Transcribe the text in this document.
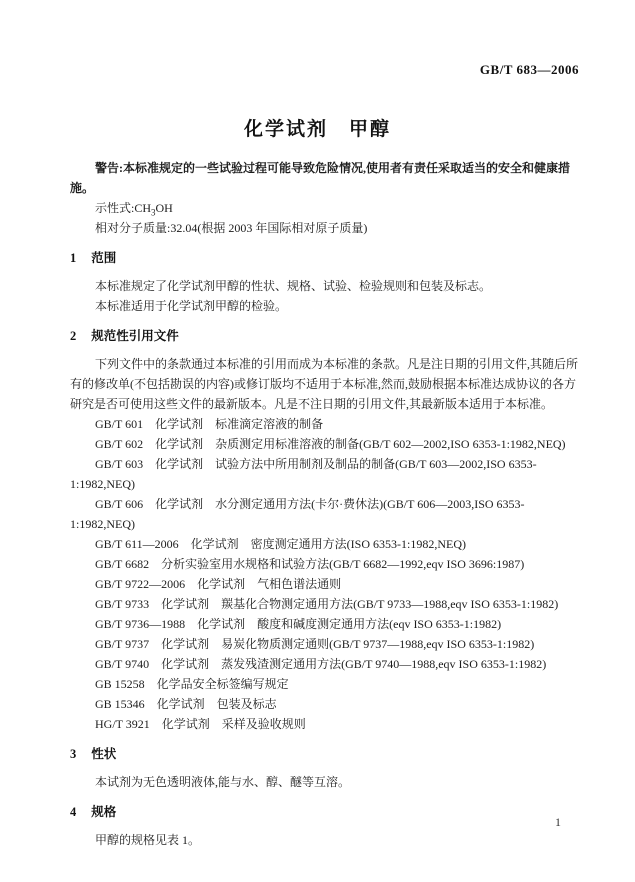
GB/T 683—2006
化学试剂　甲醇

警告:本标准规定的一些试验过程可能导致危险情况,使用者有责任采取适当的安全和健康措施。

示性式$:CH_3OH$

相对分子质量:32.04(根据 2003 年国际相对原子质量)

1 范围

本标准规定了化学试剂甲醇的性状、规格、试验、检验规则和包装及标志。

本标准适用于化学试剂甲醇的检验。

2 规范性引用文件

下列文件中的条款通过本标准的引用而成为本标准的条款。凡是注日期的引用文件,其随后所有的修改单(不包括勘误的内容)或修订版均不适用于本标准,然而,鼓励根据本标准达成协议的各方研究是否可使用这些文件的最新版本。凡是不注日期的引用文件,其最新版本适用于本标准。

GB/T 601　化学试剂　标准滴定溶液的制备

GB/T 602　化学试剂　杂质测定用标准溶液的制备(GB/T 602—2002,ISO 6353-1:1982,NEQ)

GB/T 603　化学试剂　试验方法中所用制剂及制品的制备(GB/T 603—2002,ISO 6353-1:1982,NEQ)

GB/T 606　化学试剂　水分测定通用方法(卡尔·费休法)(GB/T 606—2003,ISO 6353-1:1982,NEQ)

GB/T 611—2006　化学试剂　密度测定通用方法(ISO 6353-1:1982,NEQ)

GB/T 6682　分析实验室用水规格和试验方法(GB/T 6682—1992,eqv ISO 3696:1987)

GB/T 9722—2006　化学试剂　气相色谱法通则

GB/T 9733　化学试剂　羰基化合物测定通用方法(GB/T 9733—1988,eqv ISO 6353-1:1982)

GB/T 9736—1988　化学试剂　酸度和碱度测定通用方法(eqv ISO 6353-1:1982)

GB/T 9737　化学试剂　易炭化物质测定通则(GB/T 9737—1988,eqv ISO 6353-1:1982)

GB/T 9740　化学试剂　蒸发残渣测定通用方法(GB/T 9740—1988,eqv ISO 6353-1:1982)

GB 15258　化学品安全标签编写规定

GB 15346　化学试剂　包装及标志

HG/T 3921　化学试剂　采样及验收规则

3 性状

本试剂为无色透明液体,能与水、醇、醚等互溶。

4 规格

甲醇的规格见表 1。

1
